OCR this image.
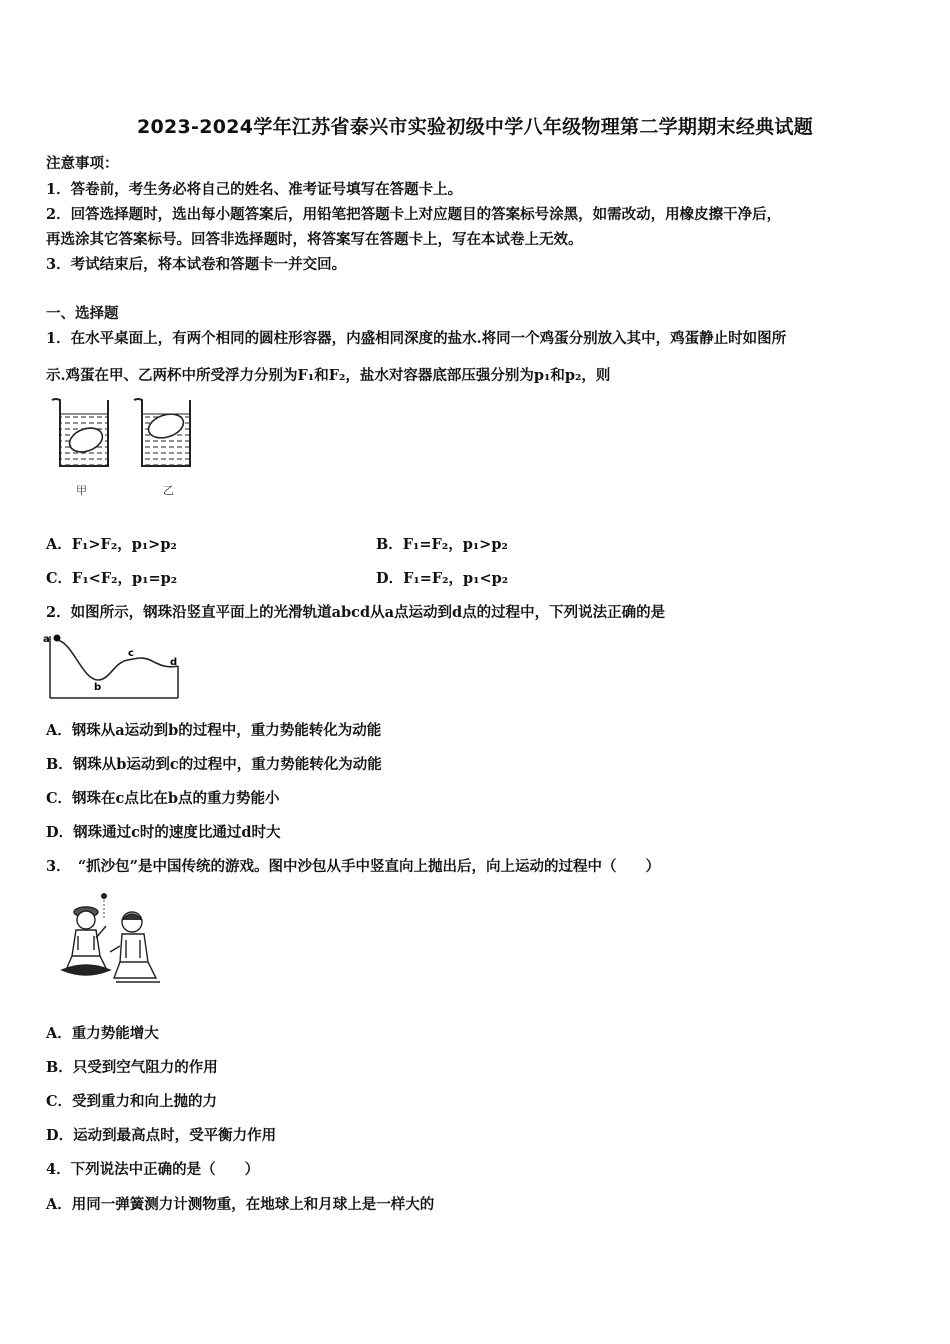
2023-2024学年江苏省泰兴市实验初级中学八年级物理第二学期期末经典试题
注意事项：
1．答卷前，考生务必将自己的姓名、准考证号填写在答题卡上。
2．回答选择题时，选出每小题答案后，用铅笔把答题卡上对应题目的答案标号涂黑，如需改动，用橡皮擦干净后，
再选涂其它答案标号。回答非选择题时，将答案写在答题卡上，写在本试卷上无效。
3．考试结束后，将本试卷和答题卡一并交回。
一、选择题
1．在水平桌面上，有两个相同的圆柱形容器，内盛相同深度的盐水.将同一个鸡蛋分别放入其中，鸡蛋静止时如图所
示.鸡蛋在甲、乙两杯中所受浮力分别为F₁和F₂，盐水对容器底部压强分别为p₁和p₂，则
甲	乙
A．F₁>F₂，p₁>p₂	B．F₁=F₂，p₁>p₂
C．F₁<F₂，p₁=p₂	D．F₁=F₂，p₁<p₂
2．如图所示，钢珠沿竖直平面上的光滑轨道abcd从a点运动到d点的过程中，下列说法正确的是
a
b
c
d
A．钢珠从a运动到b的过程中，重力势能转化为动能
B．钢珠从b运动到c的过程中，重力势能转化为动能
C．钢珠在c点比在b点的重力势能小
D．钢珠通过c时的速度比通过d时大
3．　“抓沙包”是中国传统的游戏。图中沙包从手中竖直向上抛出后，向上运动的过程中（　　）
A．重力势能增大
B．只受到空气阻力的作用
C．受到重力和向上抛的力
D．运动到最高点时，受平衡力作用
4．下列说法中正确的是（　　）
A．用同一弹簧测力计测物重，在地球上和月球上是一样大的
